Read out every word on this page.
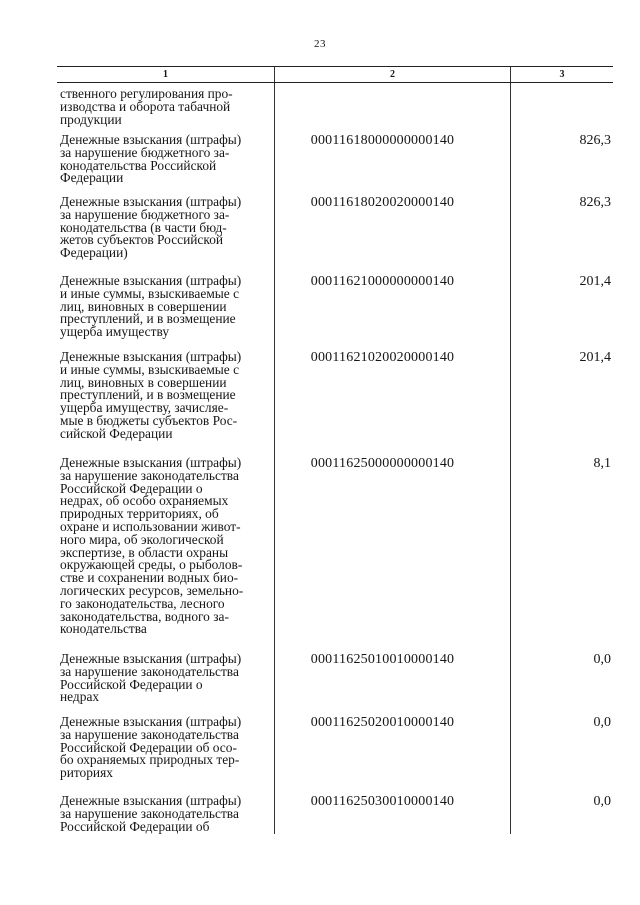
23
1	2	3
ственного регулирования про-
изводства и оборота табачной
продукции
Денежные взыскания (штрафы)
за нарушение бюджетного за-
конодательства Российской
Федерации
00011618000000000140	826,3
Денежные взыскания (штрафы)
за нарушение бюджетного за-
конодательства (в части бюд-
жетов субъектов Российской
Федерации)
00011618020020000140	826,3
Денежные взыскания (штрафы)
и иные суммы, взыскиваемые с
лиц, виновных в совершении
преступлений, и в возмещение
ущерба имуществу
00011621000000000140	201,4
Денежные взыскания (штрафы)
и иные суммы, взыскиваемые с
лиц, виновных в совершении
преступлений, и в возмещение
ущерба имуществу, зачисляе-
мые в бюджеты субъектов Рос-
сийской Федерации
00011621020020000140	201,4
Денежные взыскания (штрафы)
за нарушение законодательства
Российской Федерации о
недрах, об особо охраняемых
природных территориях, об
охране и использовании живот-
ного мира, об экологической
экспертизе, в области охраны
окружающей среды, о рыболов-
стве и сохранении водных био-
логических ресурсов, земельно-
го законодательства, лесного
законодательства, водного за-
конодательства
00011625000000000140	8,1
Денежные взыскания (штрафы)
за нарушение законодательства
Российской Федерации о
недрах
00011625010010000140	0,0
Денежные взыскания (штрафы)
за нарушение законодательства
Российской Федерации об осо-
бо охраняемых природных тер-
риториях
00011625020010000140	0,0
Денежные взыскания (штрафы)
за нарушение законодательства
Российской Федерации об
00011625030010000140	0,0
